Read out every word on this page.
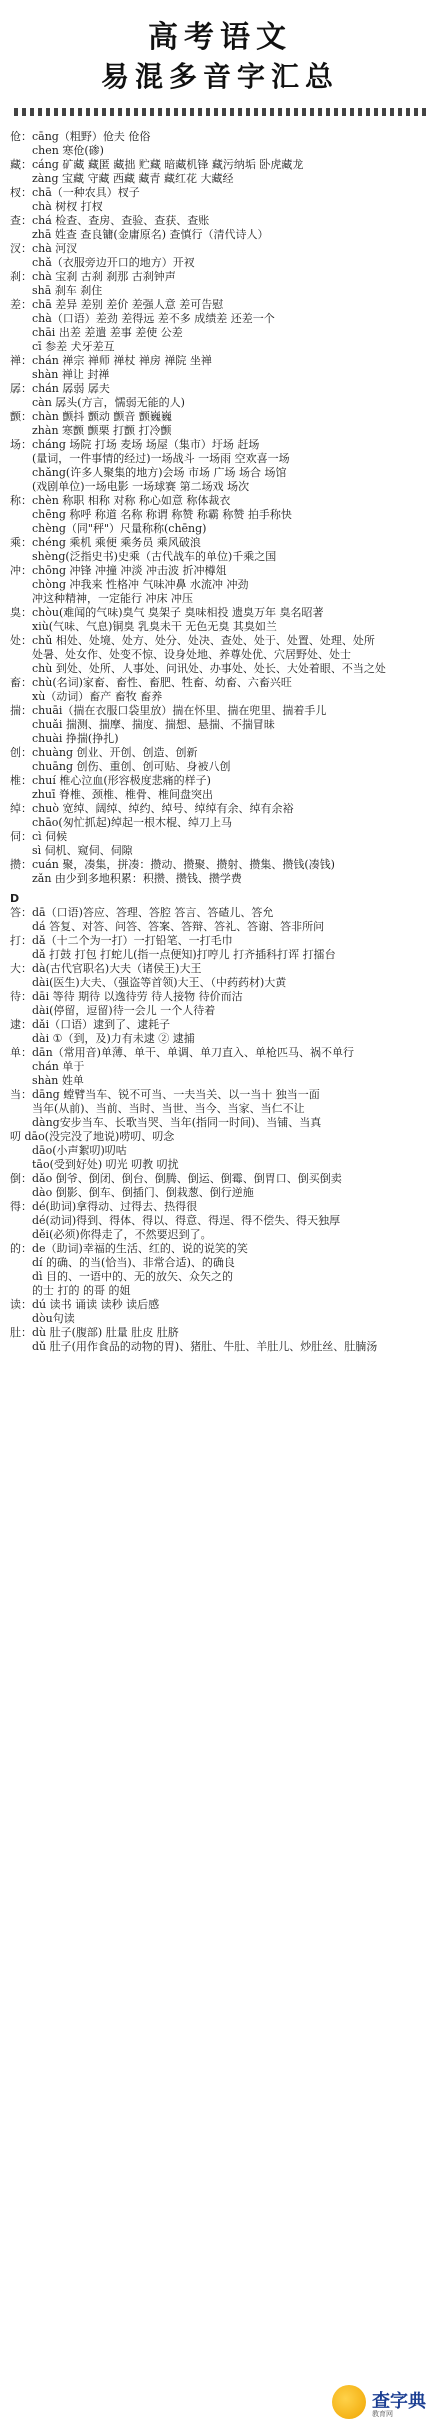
高考语文
易混多音字汇总
伧：cāng（粗野）伧夫 伧俗
chen 寒伧(碜)
藏：cáng 矿藏 藏匿 藏拙 贮藏 暗藏机锋 藏污纳垢 卧虎藏龙
zàng 宝藏 守藏 西藏 藏青 藏红花 大藏经
杈：chā（一种农具）杈子
chà 树杈 打杈
查：chá 检查、查房、查验、查获、查账
zhā 姓查 查良镛(金庸原名) 查慎行（清代诗人）
汊：chà 河汊
chǎ（衣服旁边开口的地方）开衩
刹：chà 宝刹 古刹 刹那 古刹钟声
shā 刹车 刹住
差：chā 差异 差别 差价 差强人意 差可告慰
chà（口语）差劲 差得远 差不多 成绩差 还差一个
chāi 出差 差遣 差事 差使 公差
cī 参差 犬牙差互
禅：chán 禅宗 禅师 禅杖 禅房 禅院 坐禅
shàn 禅让 封禅
孱：chán 孱弱 孱夫
càn 孱头(方言，懦弱无能的人)
颤：chàn 颤抖 颤动 颤音 颤巍巍
zhàn 寒颤 颤栗 打颤 打冷颤
场：cháng 场院 打场 麦场 场屋（集市）圩场 赶场
(量词，一件事情的经过)一场战斗 一场雨 空欢喜一场
chǎng(许多人聚集的地方)会场 市场 广场 场合 场馆
(戏剧单位)一场电影 一场球赛 第二场戏 场次
称：chèn 称职 相称 对称 称心如意 称体裁衣
chēng 称呼 称道 名称 称谓 称赞 称霸 称赞 拍手称快
chèng（同"秤"）尺量称称(chēng)
乘：chéng 乘机 乘便 乘务员 乘风破浪
shèng(泛指史书)史乘（古代战车的单位)千乘之国
冲：chōng 冲锋 冲撞 冲淡 冲击波 折冲樽俎
chòng 冲我来 性格冲 气味冲鼻 水流冲 冲劲
冲这种精神，一定能行 冲床 冲压
臭：chòu(难闻的气味)臭气 臭架子 臭味相投 遗臭万年 臭名昭著
xiù(气味、气息)铜臭 乳臭未干 无色无臭 其臭如兰
处：chǔ 相处、处境、处方、处分、处决、查处、处于、处置、处理、处所
处暑、处女作、处变不惊、设身处地、养尊处优、穴居野处、处士
chù 到处、处所、人事处、问讯处、办事处、处长、大处着眼、不当之处
畜：chù(名词)家畜、畜性、畜肥、牲畜、幼畜、六畜兴旺
xù（动词）畜产 畜牧 畜养
揣：chuāi（揣在衣服口袋里放）揣在怀里、揣在兜里、揣着手儿
chuǎi 揣测、揣摩、揣度、揣想、悬揣、不揣冒昧
chuài 挣揣(挣扎)
创：chuàng 创业、开创、创造、创新
chuāng 创伤、重创、创可贴、身被八创
椎：chuí 椎心泣血(形容极度悲痛的样子)
zhuī 脊椎、颈椎、椎骨、椎间盘突出
绰：chuò 宽绰、阔绰、绰约、绰号、绰绰有余、绰有余裕
chāo(匆忙抓起)绰起一根木棍、绰刀上马
伺：cì 伺候
sì 伺机、窥伺、伺隙
攒：cuán 聚，凑集，拼凑：攒动、攒聚、攒射、攒集、攒钱(凑钱)
zǎn 由少到多地积累：积攒、攒钱、攒学费
D
答：dā（口语)答应、答理、答腔 答言、答碴儿、答允
dá 答复、对答、问答、答案、答辩、答礼、答谢、答非所问
打：dǎ（十二个为一打）一打铅笔、一打毛巾
dǎ 打鼓 打包 打蛇儿(指一点便知)打哼儿 打齐插科打诨 打擂台
大：dà(古代官职名)大夫（诸侯王)大王
dài(医生)大夫、（强盗等首领)大王、（中药药材)大黄
待：dāi 等待 期待 以逸待劳 待人接物 待价而沽
dài(停留，逗留)待一会儿 一个人待着
逮：dǎi（口语）逮到了、逮耗子
dài ①（到，及)力有未逮 ② 逮捕
单：dān（常用音)单薄、单干、单调、单刀直入、单枪匹马、祸不单行
chán 单于
shàn 姓单
当：dāng 螳臂当车、锐不可当、一夫当关、以一当十 独当一面
当年(从前)、当前、当时、当世、当今、当家、当仁不让
dàng安步当车、长歌当哭、当年(指同一时间)、当铺、当真
叨 dāo(没完没了地说)唠叨、叨念
dāo(小声絮叨)叨咕
tāo(受到好处) 叨光 叨教 叨扰
倒：dǎo 倒爷、倒闭、倒台、倒腾、倒运、倒霉、倒胃口、倒买倒卖
dào 倒影、倒车、倒插门、倒栽葱、倒行逆施
得：dé(助词)拿得动、过得去、热得很
dé(动词)得到、得体、得以、得意、得逞、得不偿失、得天独厚
děi(必须)你得走了，不然要迟到了。
的：de（助词)幸福的生活、红的、说的说笑的笑
dí 的确、的当(恰当)、非常合适)、的确良
dì 目的、一语中的、无的放矢、众矢之的
的士 打的 的哥 的姐
读：dú 读书 诵读 读秒 读后感
dòu句读
肚：dù 肚子(腹部) 肚量 肚皮 肚脐
dǔ 肚子(用作食品的动物的胃)、猪肚、牛肚、羊肚儿、炒肚丝、肚腩汤
查字典
教育网
